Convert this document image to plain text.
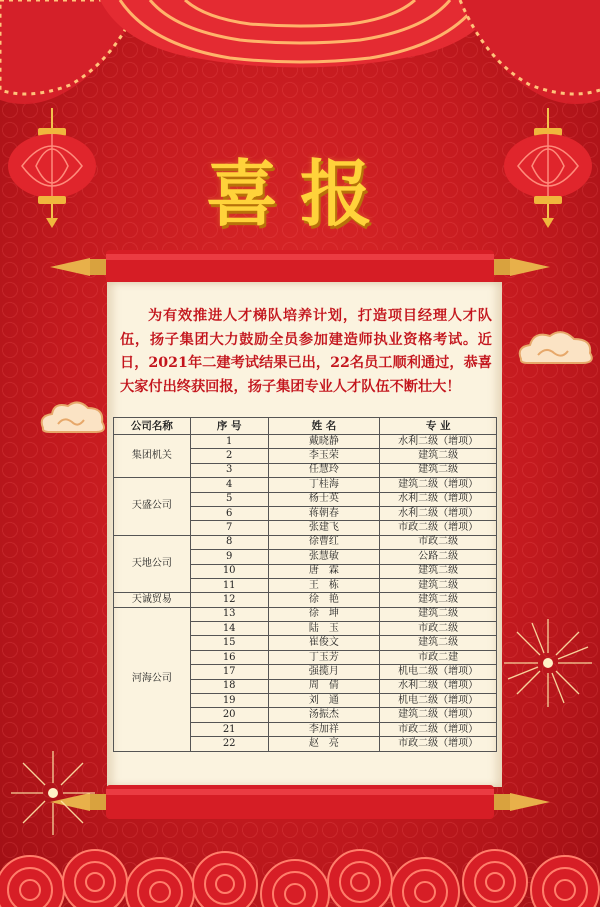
喜报

为有效推进人才梯队培养计划，打造项目经理人才队伍，扬子集团大力鼓励全员参加建造师执业资格考试。近日，2021年二建考试结果已出，22名员工顺利通过，恭喜大家付出终获回报，扬子集团专业人才队伍不断壮大！

公司名称	序 号	姓 名	专 业
集团机关	1	戴晓静	水利二级（增项）
	2	李玉荣	建筑二级
	3	任慧玲	建筑二级
天盛公司	4	丁桂海	建筑二级（增项）
	5	杨士英	水利二级（增项）
	6	蒋朝春	水利二级（增项）
	7	张建飞	市政二级（增项）
天地公司	8	徐曹红	市政二级
	9	张慧敏	公路二级
	10	唐　霖	建筑二级
	11	王　栋	建筑二级
天诚贸易	12	徐　艳	建筑二级
河海公司	13	徐　坤	建筑二级
	14	陆　玉	市政二级
	15	崔俊文	建筑二级
	16	丁玉芳	市政二建
	17	强揽月	机电二级（增项）
	18	周　倩	水利二级（增项）
	19	刘　通	机电二级（增项）
	20	汤振杰	建筑二级（增项）
	21	李加祥	市政二级（增项）
	22	赵　亮	市政二级（增项）
